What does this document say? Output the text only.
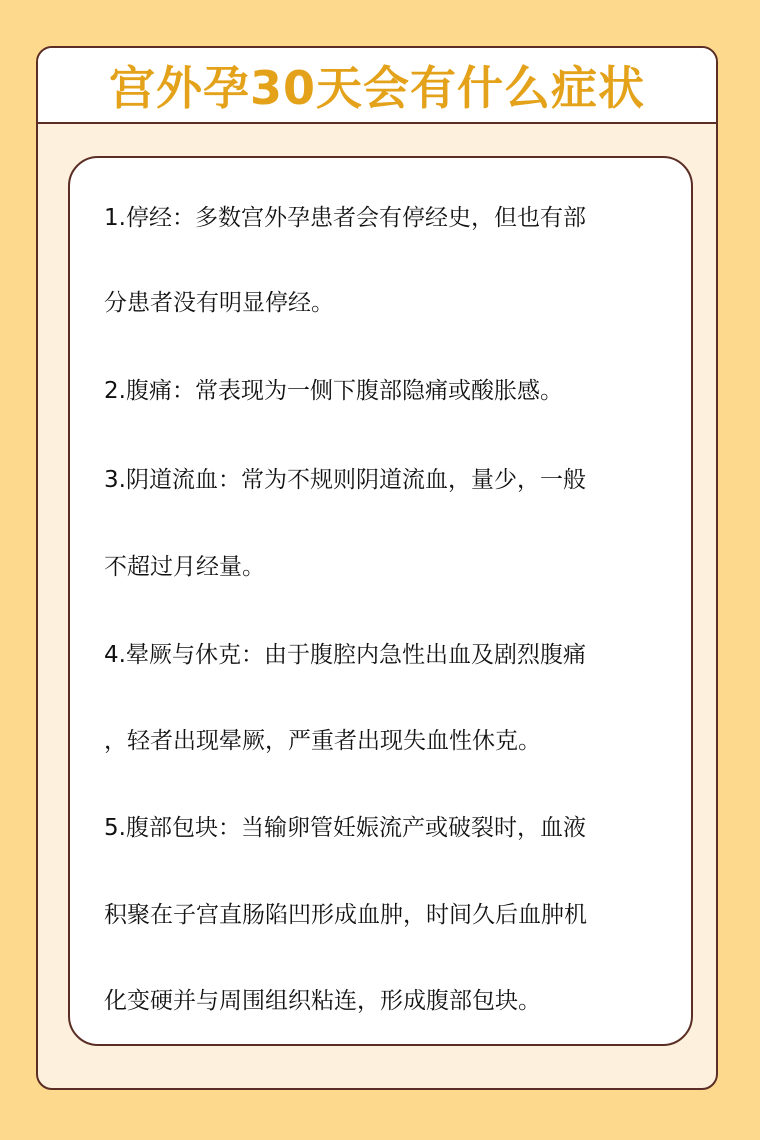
宫外孕30天会有什么症状
1.停经：多数宫外孕患者会有停经史，但也有部
分患者没有明显停经。
2.腹痛：常表现为一侧下腹部隐痛或酸胀感。
3.阴道流血：常为不规则阴道流血，量少，一般
不超过月经量。
4.晕厥与休克：由于腹腔内急性出血及剧烈腹痛
，轻者出现晕厥，严重者出现失血性休克。
5.腹部包块：当输卵管妊娠流产或破裂时，血液
积聚在子宫直肠陷凹形成血肿，时间久后血肿机
化变硬并与周围组织粘连，形成腹部包块。
